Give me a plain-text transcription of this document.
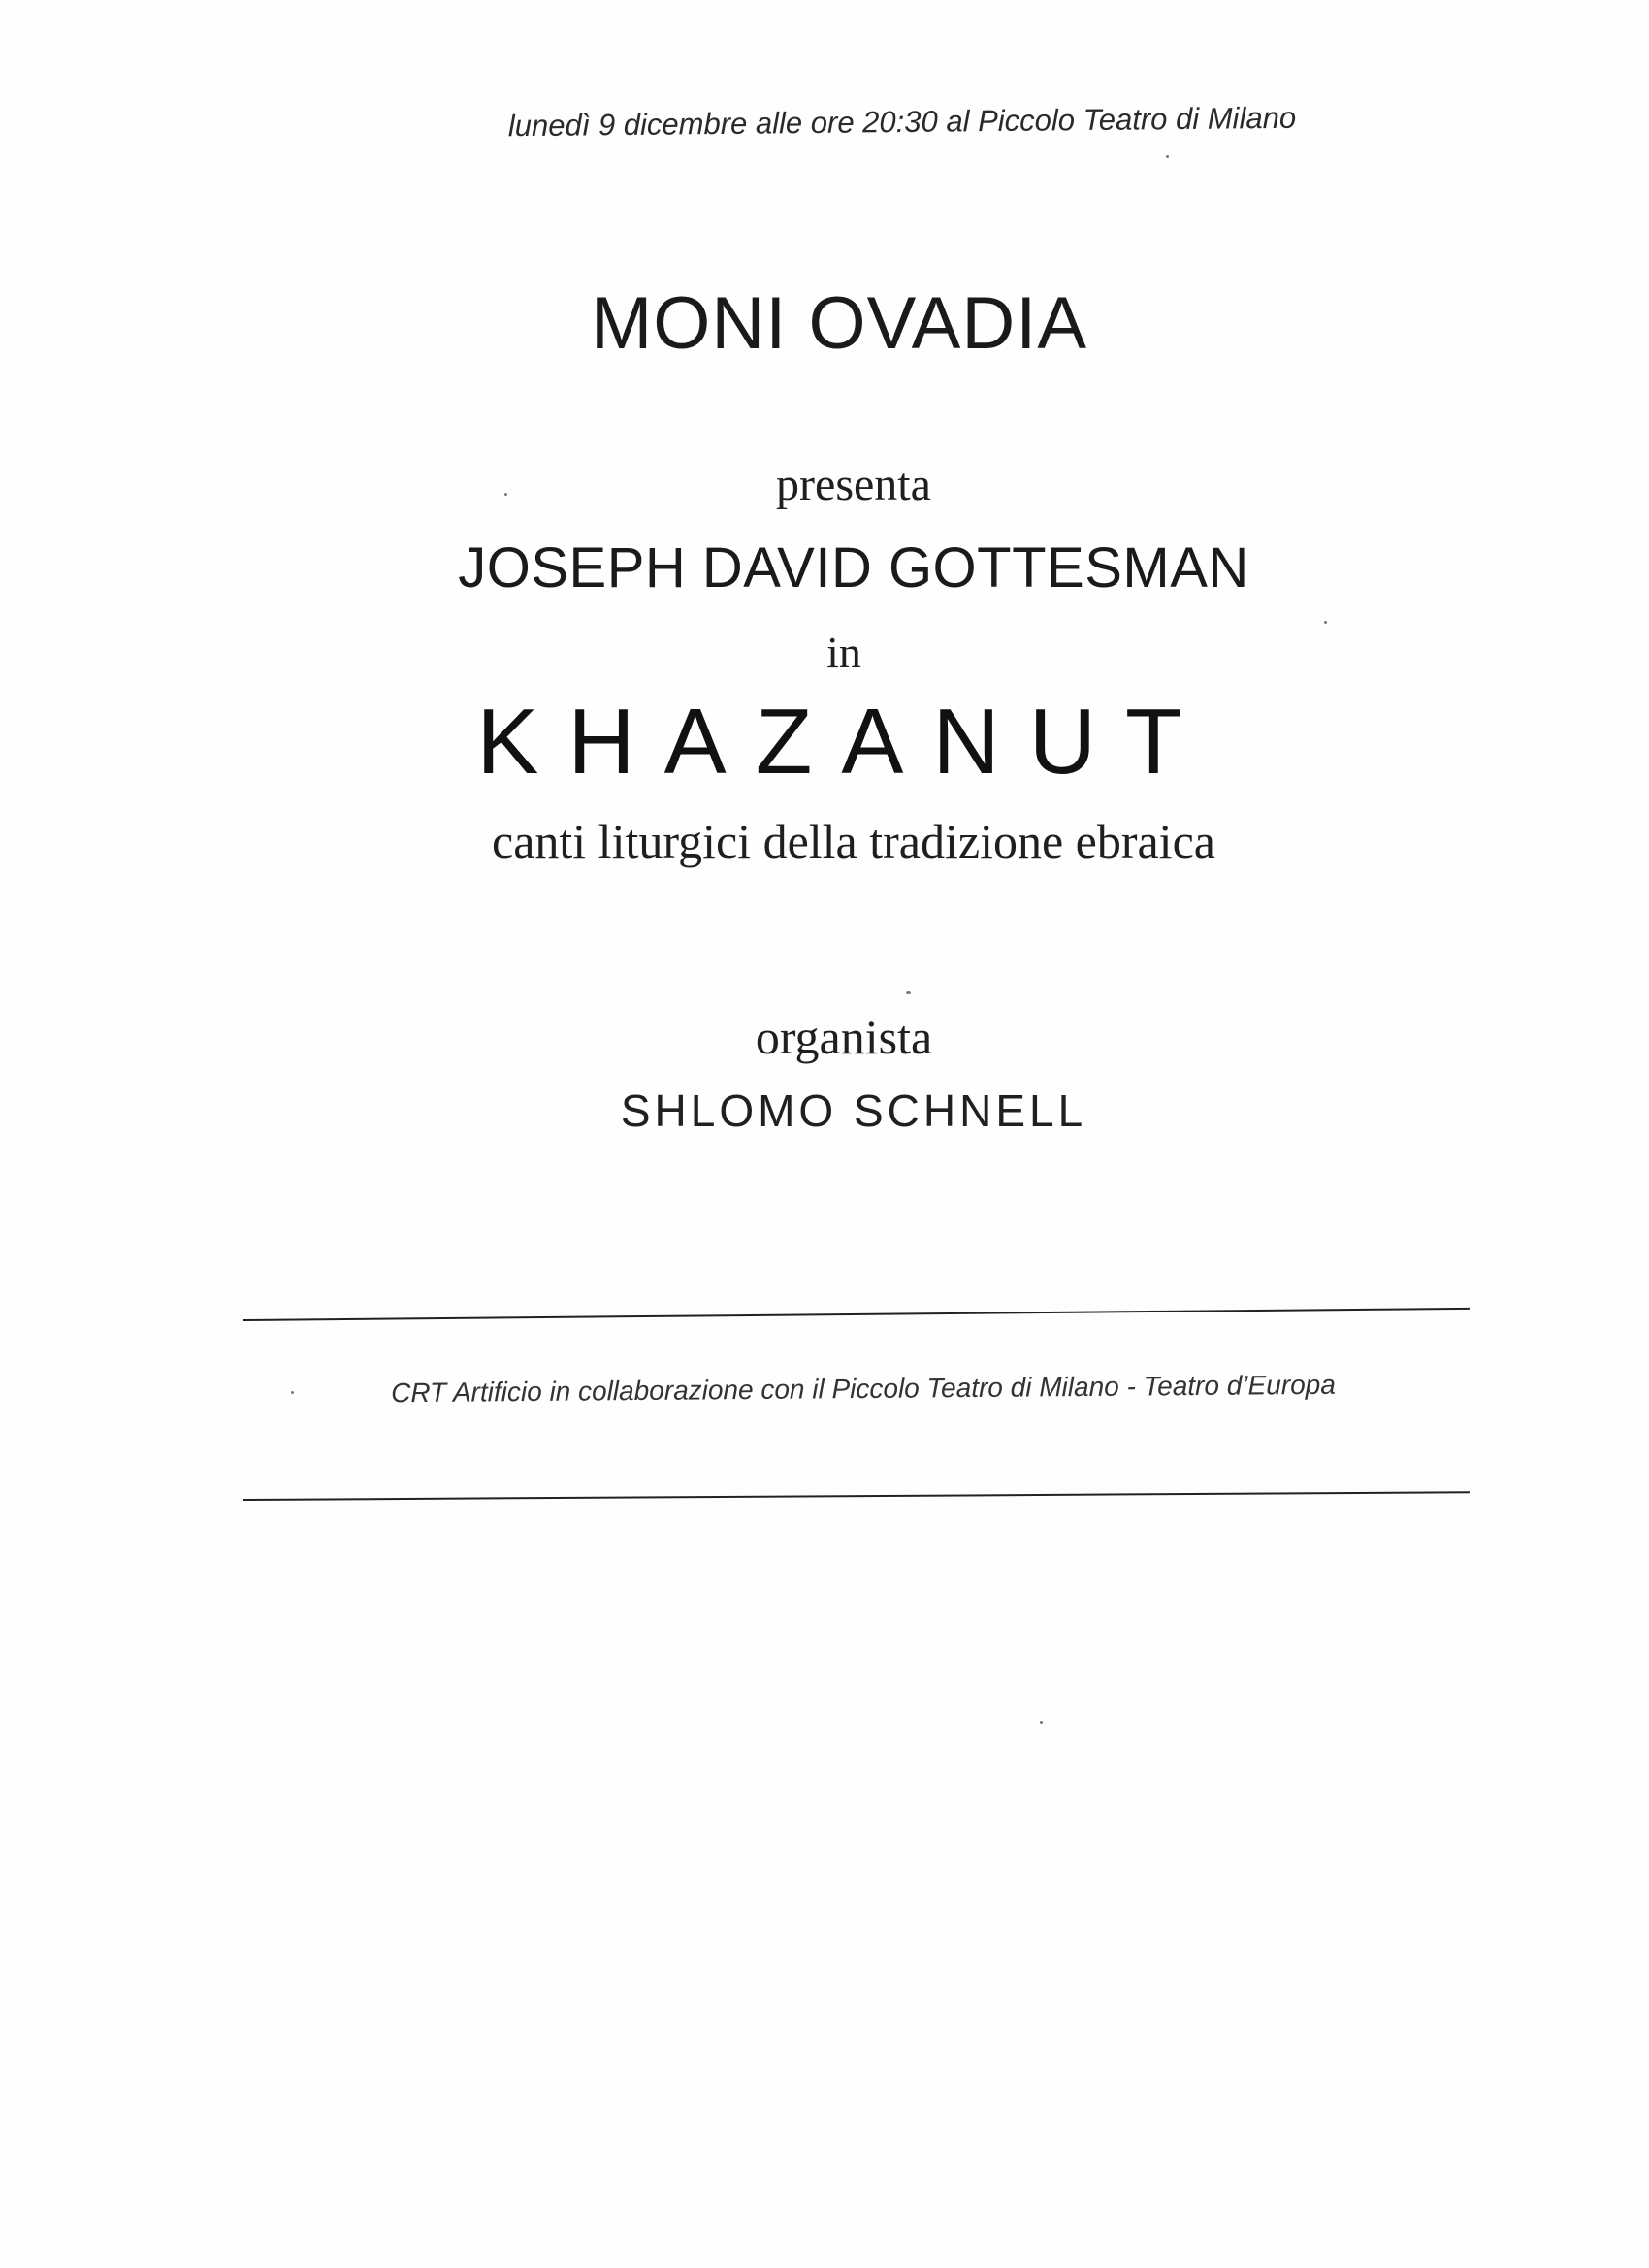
lunedì 9 dicembre alle ore 20:30 al Piccolo Teatro di Milano
MONI OVADIA
presenta
JOSEPH DAVID GOTTESMAN
in
KHAZANUT
canti liturgici della tradizione ebraica
organista
SHLOMO SCHNELL
CRT Artificio in collaborazione con il Piccolo Teatro di Milano - Teatro d’Europa
